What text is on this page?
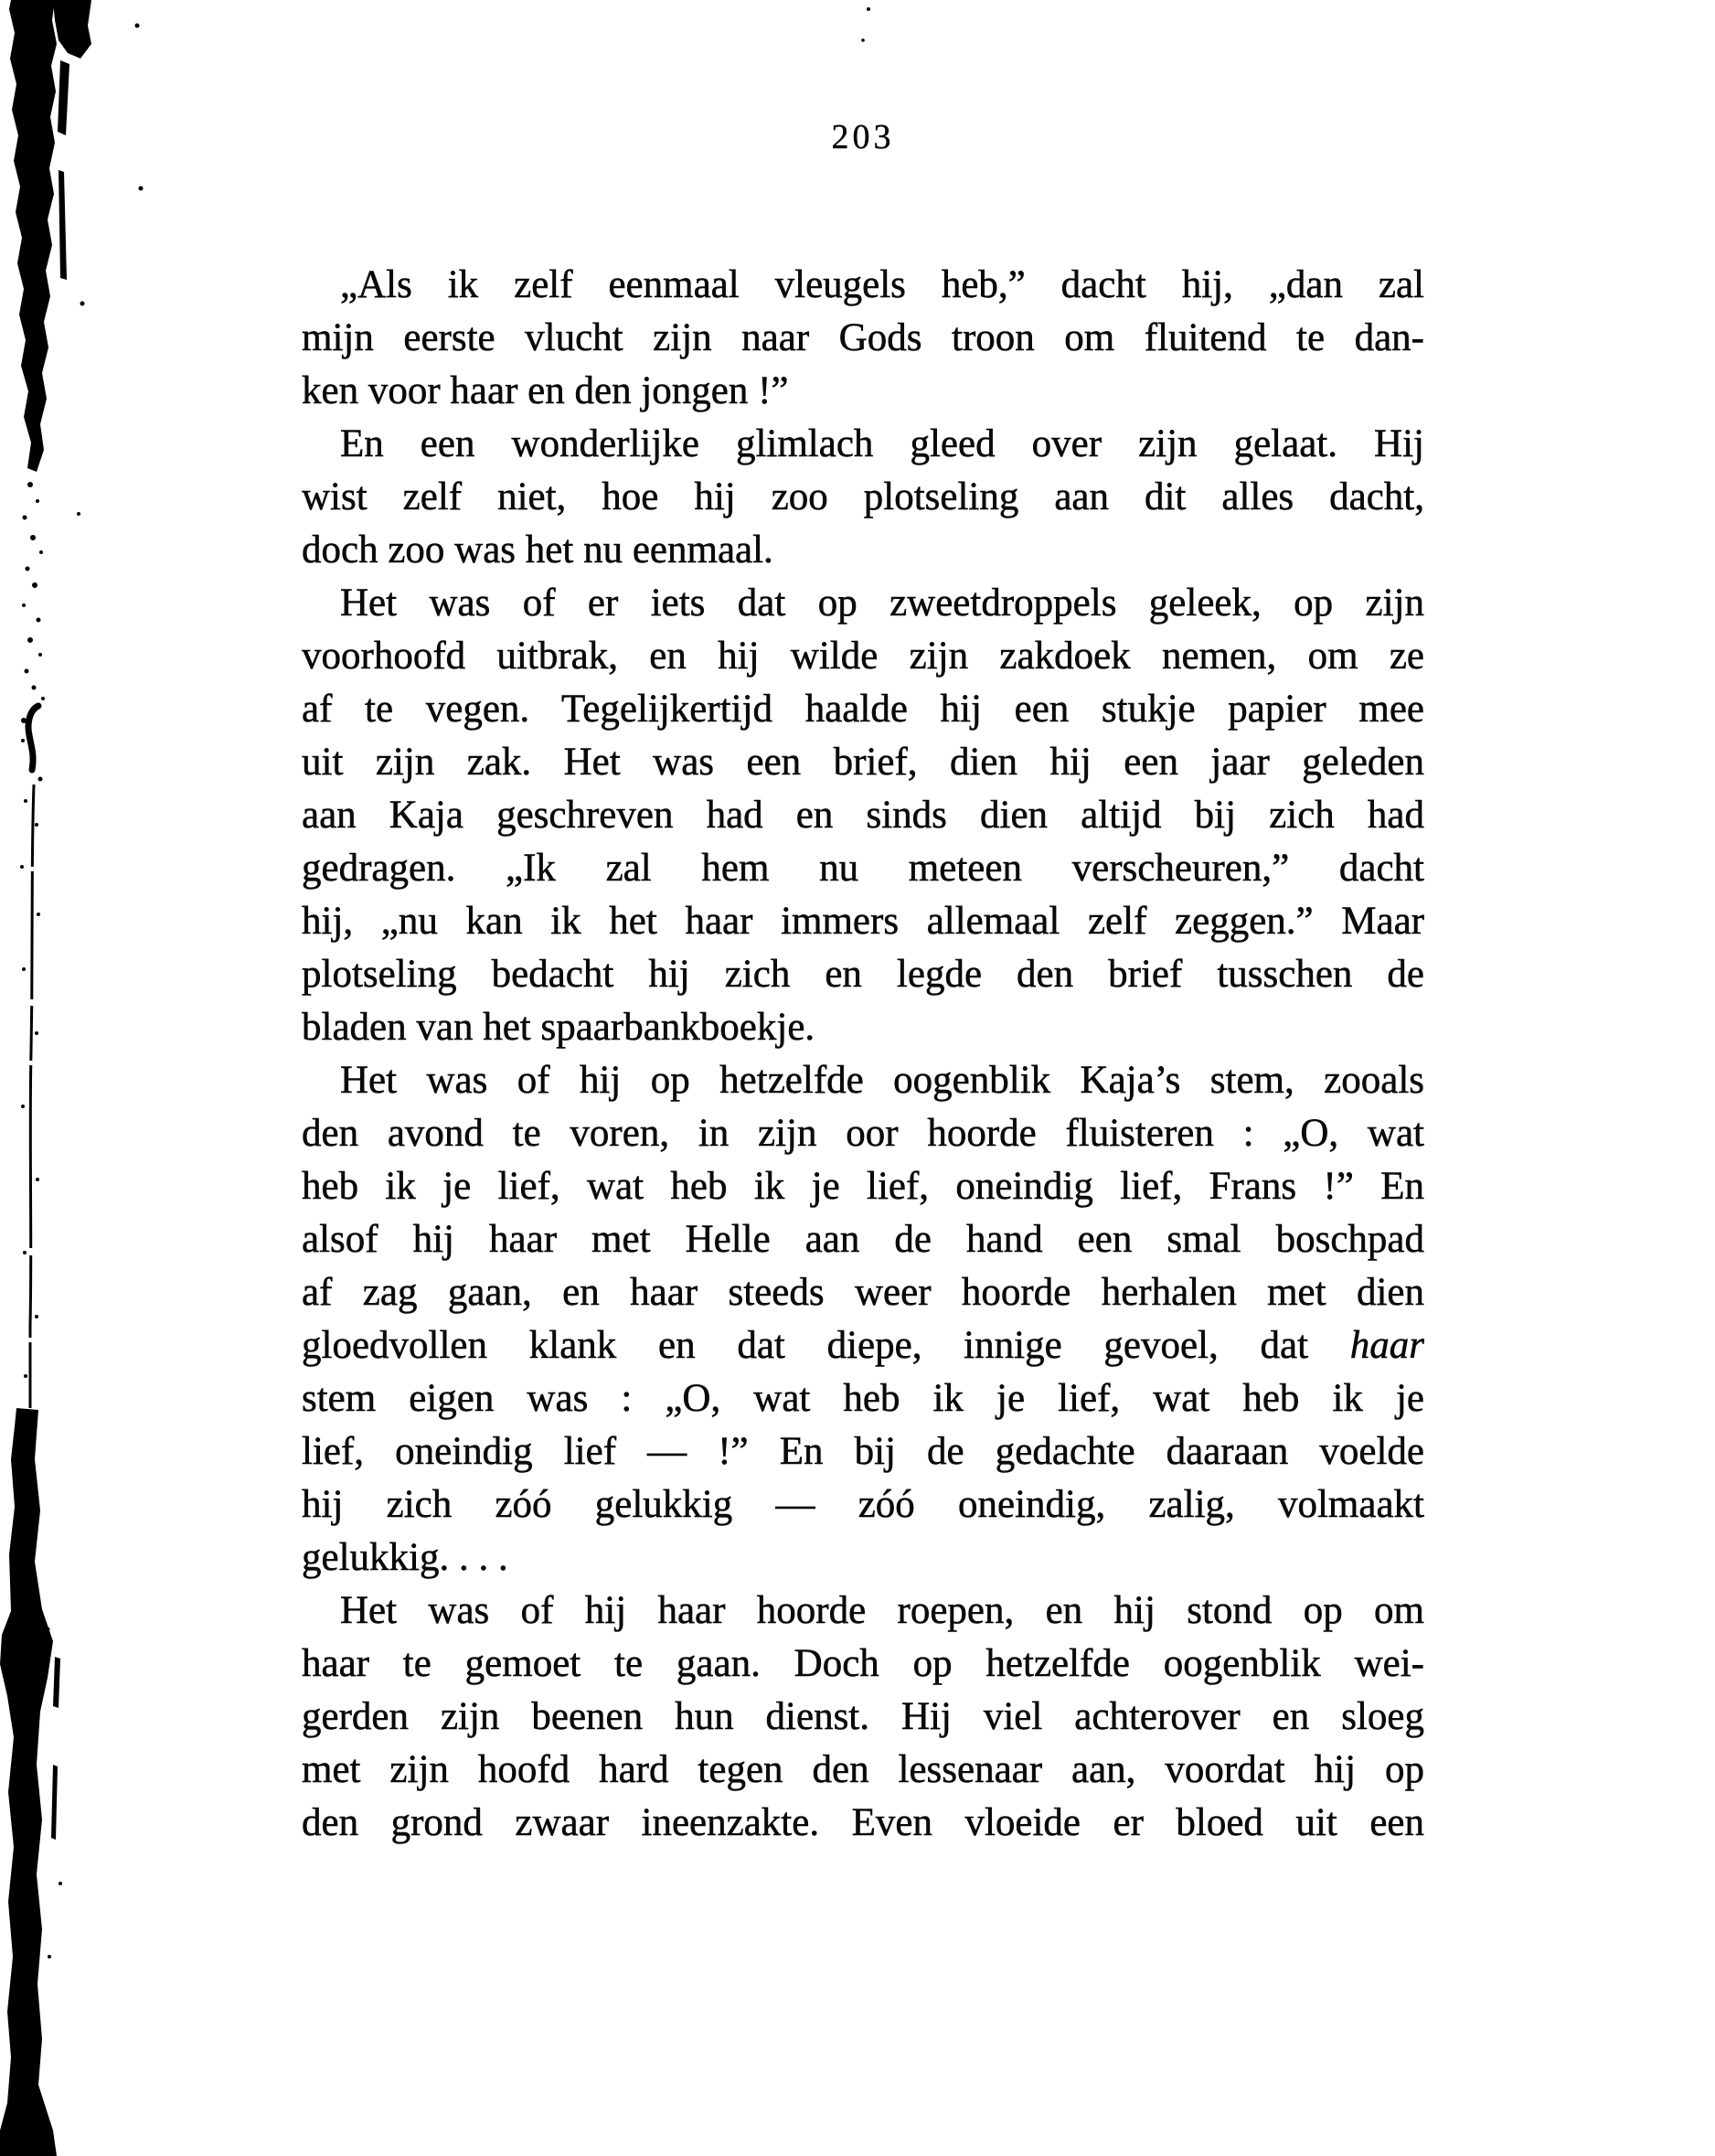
203
„Als ik zelf eenmaal vleugels heb,” dacht hij, „dan zal
mijn eerste vlucht zijn naar Gods troon om fluitend te dan-
ken voor haar en den jongen !”
En een wonderlijke glimlach gleed over zijn gelaat. Hij
wist zelf niet, hoe hij zoo plotseling aan dit alles dacht,
doch zoo was het nu eenmaal.
Het was of er iets dat op zweetdroppels geleek, op zijn
voorhoofd uitbrak, en hij wilde zijn zakdoek nemen, om ze
af te vegen. Tegelijkertijd haalde hij een stukje papier mee
uit zijn zak. Het was een brief, dien hij een jaar geleden
aan Kaja geschreven had en sinds dien altijd bij zich had
gedragen. „Ik zal hem nu meteen verscheuren,” dacht
hij, „nu kan ik het haar immers allemaal zelf zeggen.” Maar
plotseling bedacht hij zich en legde den brief tusschen de
bladen van het spaarbankboekje.
Het was of hij op hetzelfde oogenblik Kaja’s stem, zooals
den avond te voren, in zijn oor hoorde fluisteren : „O, wat
heb ik je lief, wat heb ik je lief, oneindig lief, Frans !” En
alsof hij haar met Helle aan de hand een smal boschpad
af zag gaan, en haar steeds weer hoorde herhalen met dien
gloedvollen klank en dat diepe, innige gevoel, dat haar
stem eigen was : „O, wat heb ik je lief, wat heb ik je
lief, oneindig lief — !” En bij de gedachte daaraan voelde
hij zich zóó gelukkig — zóó oneindig, zalig, volmaakt
gelukkig. . . .
Het was of hij haar hoorde roepen, en hij stond op om
haar te gemoet te gaan. Doch op hetzelfde oogenblik wei-
gerden zijn beenen hun dienst. Hij viel achterover en sloeg
met zijn hoofd hard tegen den lessenaar aan, voordat hij op
den grond zwaar ineenzakte. Even vloeide er bloed uit een
